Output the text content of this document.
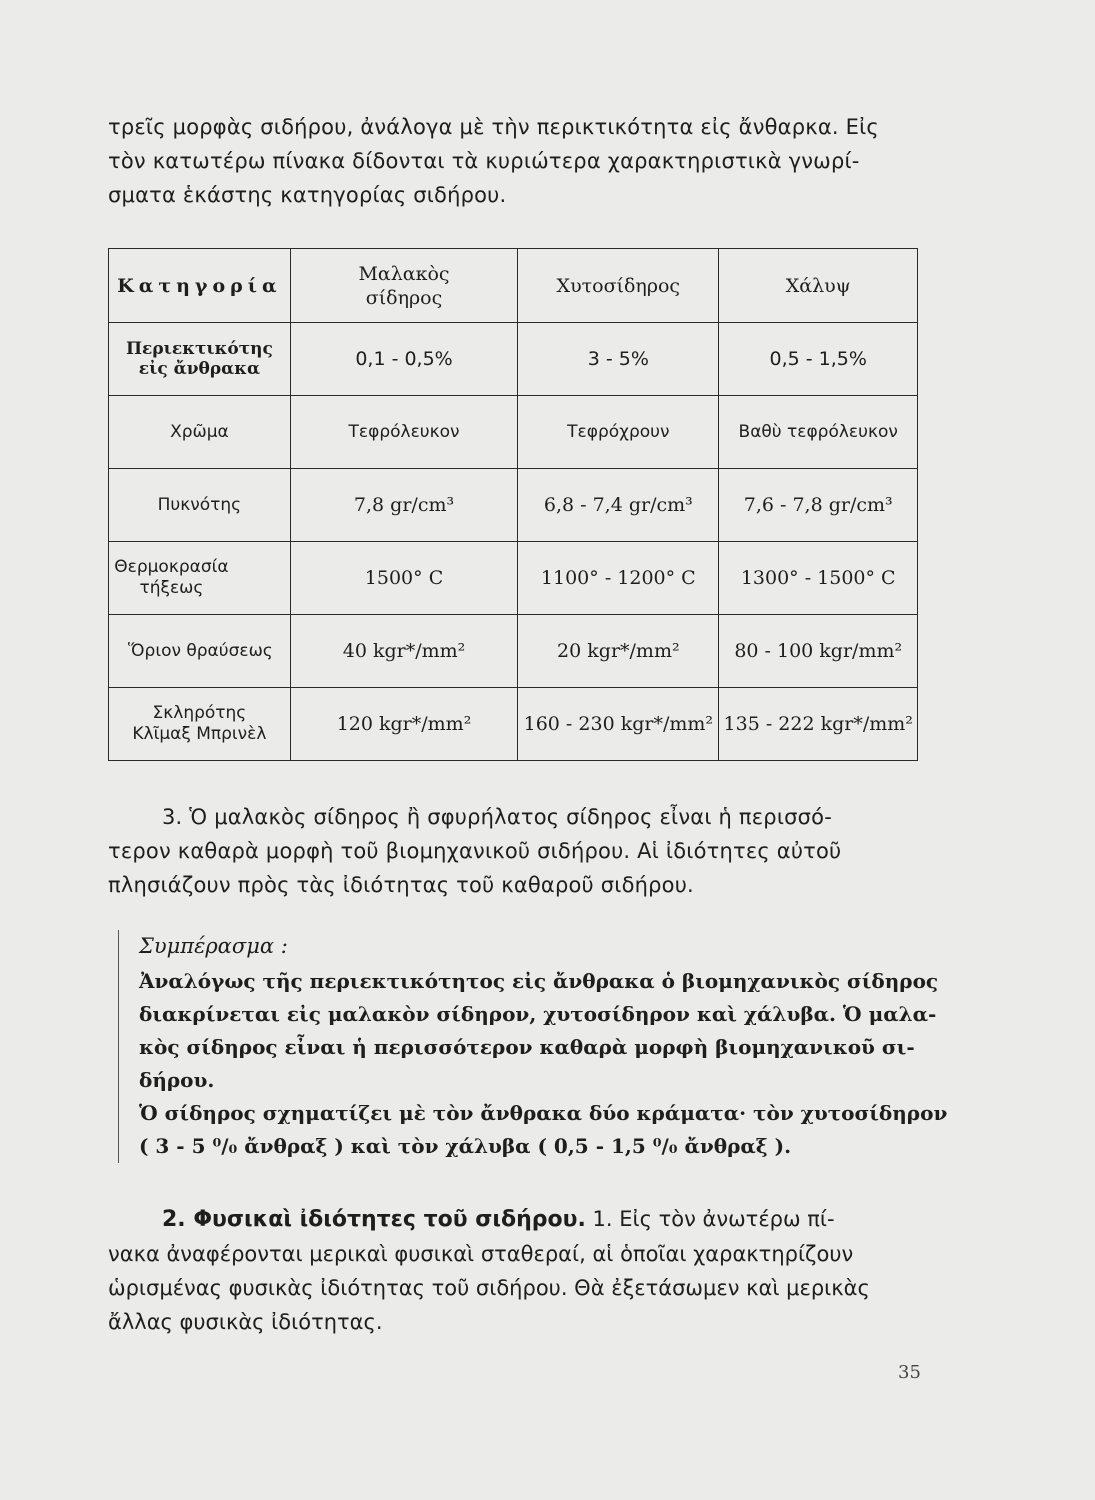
τρεῖς μορφὰς σιδήρου, ἀνάλογα μὲ τὴν περικτικότητα εἰς ἄνθαρκα. Εἰς
τὸν κατωτέρω πίνακα δίδονται τὰ κυριώτερα χαρακτηριστικὰ γνωρί-
σματα ἑκάστης κατηγορίας σιδήρου.
Κατηγορία	Μαλακὸς σίδηρος	Χυτοσίδηρος	Χάλυψ
Περιεκτικότης εἰς ἄνθρακα	0,1 - 0,5%	3 - 5%	0,5 - 1,5%
Χρῶμα	Τεφρόλευκον	Τεφρόχρουν	Βαθὺ τεφρόλευκον
Πυκνότης	7,8 gr/cm³	6,8 - 7,4 gr/cm³	7,6 - 7,8 gr/cm³
Θερμοκρασία τήξεως	1500° C	1100° - 1200° C	1300° - 1500° C
Ὅριον θραύσεως	40 kgr*/mm²	20 kgr*/mm²	80 - 100 kgr/mm²
Σκληρότης Κλῖμαξ Μπρινὲλ	120 kgr*/mm²	160 - 230 kgr*/mm²	135 - 222 kgr*/mm²
3. Ὁ μαλακὸς σίδηρος ἢ σφυρήλατος σίδηρος εἶναι ἡ περισσό-
τερον καθαρὰ μορφὴ τοῦ βιομηχανικοῦ σιδήρου. Αἱ ἰδιότητες αὐτοῦ
πλησιάζουν πρὸς τὰς ἰδιότητας τοῦ καθαροῦ σιδήρου.
Συμπέρασμα :
Ἀναλόγως τῆς περιεκτικότητος εἰς ἄνθρακα ὁ βιομηχανικὸς σίδηρος
διακρίνεται εἰς μαλακὸν σίδηρον, χυτοσίδηρον καὶ χάλυβα. Ὁ μαλα-
κὸς σίδηρος εἶναι ἡ περισσότερον καθαρὰ μορφὴ βιομηχανικοῦ σι-
δήρου.
Ὁ σίδηρος σχηματίζει μὲ τὸν ἄνθρακα δύο κράματα· τὸν χυτοσίδηρον
( 3 - 5 ⁰/₀ ἄνθραξ ) καὶ τὸν χάλυβα ( 0,5 - 1,5 ⁰/₀ ἄνθραξ ).
2. Φυσικαὶ ἰδιότητες τοῦ σιδήρου. 1. Εἰς τὸν ἀνωτέρω πί-
νακα ἀναφέρονται μερικαὶ φυσικαὶ σταθεραί, αἱ ὁποῖαι χαρακτηρίζουν
ὡρισμένας φυσικὰς ἰδιότητας τοῦ σιδήρου. Θὰ ἐξετάσωμεν καὶ μερικὰς
ἄλλας φυσικὰς ἰδιότητας.
35
